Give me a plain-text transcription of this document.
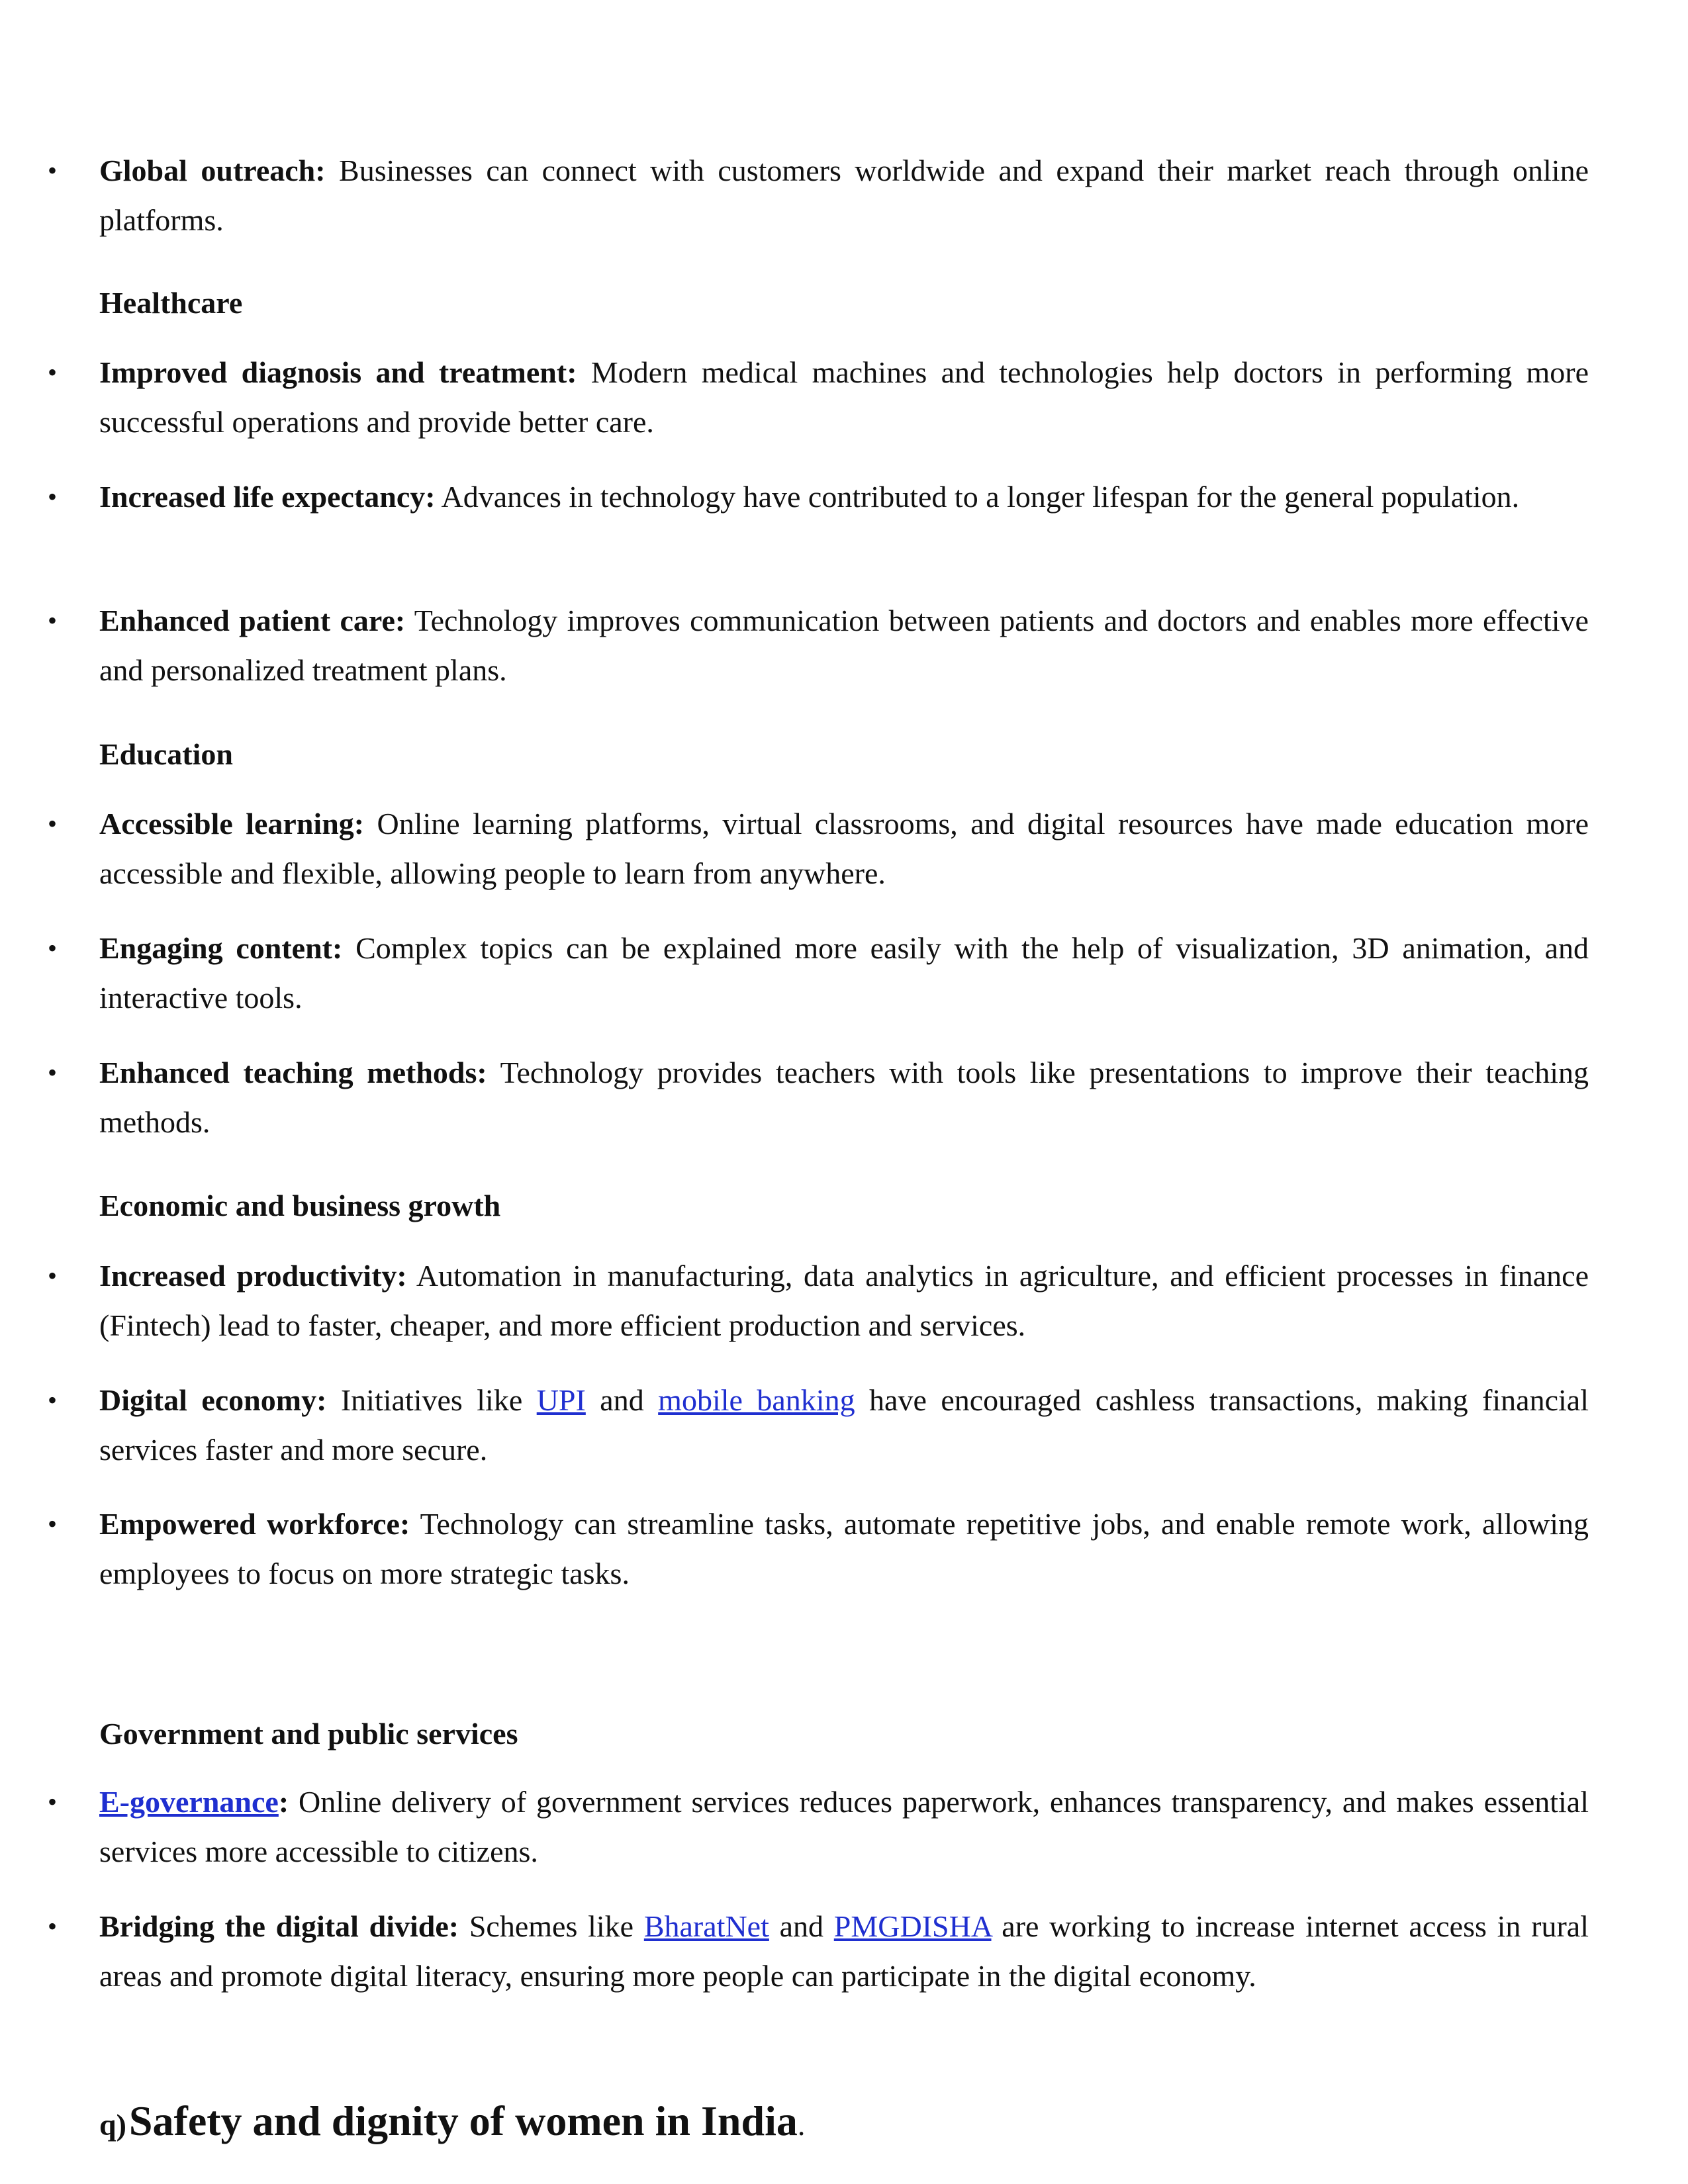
• Global outreach: Businesses can connect with customers worldwide and expand their market reach through online platforms.
Healthcare
• Improved diagnosis and treatment: Modern medical machines and technologies help doctors in performing more successful operations and provide better care.
• Increased life expectancy: Advances in technology have contributed to a longer lifespan for the general population.
• Enhanced patient care: Technology improves communication between patients and doctors and enables more effective and personalized treatment plans.
Education
• Accessible learning: Online learning platforms, virtual classrooms, and digital resources have made education more accessible and flexible, allowing people to learn from anywhere.
• Engaging content: Complex topics can be explained more easily with the help of visualization, 3D animation, and interactive tools.
• Enhanced teaching methods: Technology provides teachers with tools like presentations to improve their teaching methods.
Economic and business growth
• Increased productivity: Automation in manufacturing, data analytics in agriculture, and efficient processes in finance (Fintech) lead to faster, cheaper, and more efficient production and services.
• Digital economy: Initiatives like UPI and mobile banking have encouraged cashless transactions, making financial services faster and more secure.
• Empowered workforce: Technology can streamline tasks, automate repetitive jobs, and enable remote work, allowing employees to focus on more strategic tasks.
Government and public services
• E-governance: Online delivery of government services reduces paperwork, enhances transparency, and makes essential services more accessible to citizens.
• Bridging the digital divide: Schemes like BharatNet and PMGDISHA are working to increase internet access in rural areas and promote digital literacy, ensuring more people can participate in the digital economy.
q) Safety and dignity of women in India.
